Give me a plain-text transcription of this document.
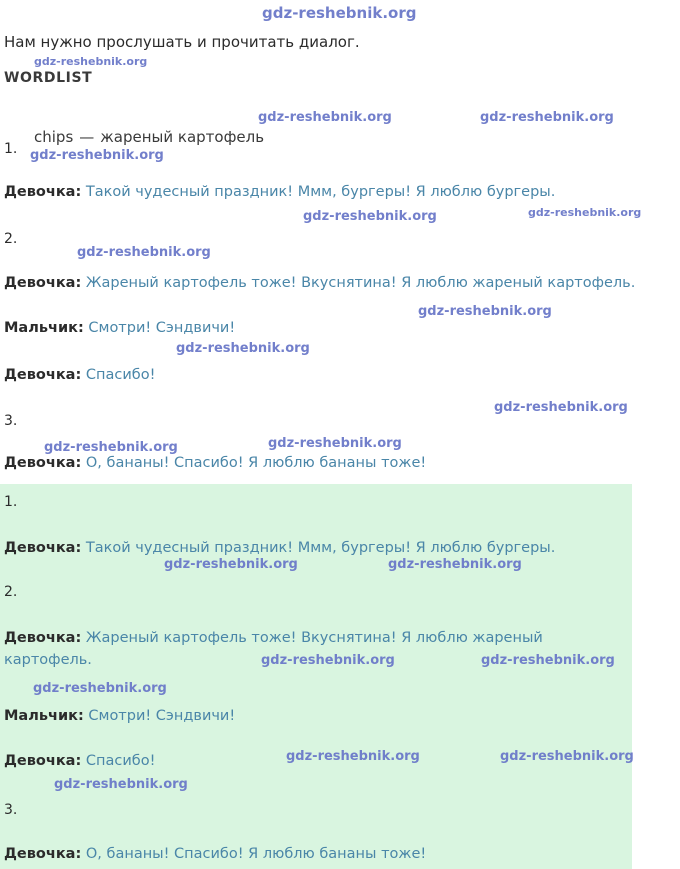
Нам нужно прослушать и прочитать диалог.
WORDLIST
chips — жареный картофель
1.
Девочка: Такой чудесный праздник! Ммм, бургеры! Я люблю бургеры.
2.
Девочка: Жареный картофель тоже! Вкуснятина! Я люблю жареный картофель.
Мальчик: Смотри! Сэндвичи!
Девочка: Спасибо!
3.
Девочка: О, бананы! Спасибо! Я люблю бананы тоже!
1.
Девочка: Такой чудесный праздник! Ммм, бургеры! Я люблю бургеры.
2.
Девочка: Жареный картофель тоже! Вкуснятина! Я люблю жареный картофель.
Мальчик: Смотри! Сэндвичи!
Девочка: Спасибо!
3.
Девочка: О, бананы! Спасибо! Я люблю бананы тоже!
gdz-reshebnik.org
gdz-reshebnik.org
gdz-reshebnik.org	gdz-reshebnik.org
gdz-reshebnik.org
gdz-reshebnik.org	gdz-reshebnik.org
gdz-reshebnik.org
gdz-reshebnik.org
gdz-reshebnik.org
gdz-reshebnik.org
gdz-reshebnik.org	gdz-reshebnik.org
gdz-reshebnik.org	gdz-reshebnik.org
gdz-reshebnik.org	gdz-reshebnik.org
gdz-reshebnik.org
gdz-reshebnik.org	gdz-reshebnik.org
gdz-reshebnik.org
